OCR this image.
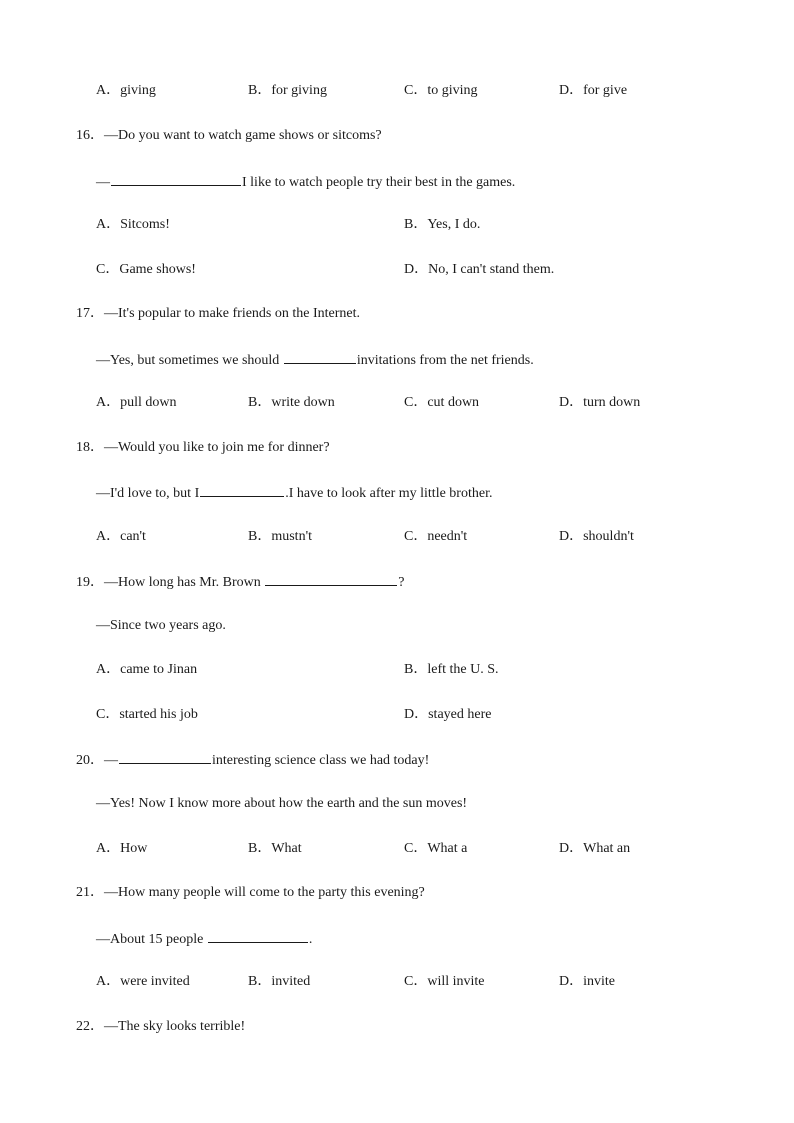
A．giving	B．for giving	C．to giving	D．for give
16．—Do you want to watch game shows or sitcoms?
—	I like to watch people try their best in the games.
A．Sitcoms!	B．Yes, I do.
C．Game shows!	D．No, I can't stand them.
17．—It's popular to make friends on the Internet.
—Yes, but sometimes we should	invitations from the net friends.
A．pull down	B．write down	C．cut down	D．turn down
18．—Would you like to join me for dinner?
—I'd love to, but I	.I have to look after my little brother.
A．can't	B．mustn't	C．needn't	D．shouldn't
19．—How long has Mr. Brown	?
—Since two years ago.
A．came to Jinan	B．left the U. S.
C．started his job	D．stayed here
20．—	interesting science class we had today!
—Yes! Now I know more about how the earth and the sun moves!
A．How	B．What	C．What a	D．What an
21．—How many people will come to the party this evening?
—About 15 people	.
A．were invited	B．invited	C．will invite	D．invite
22．—The sky looks terrible!
